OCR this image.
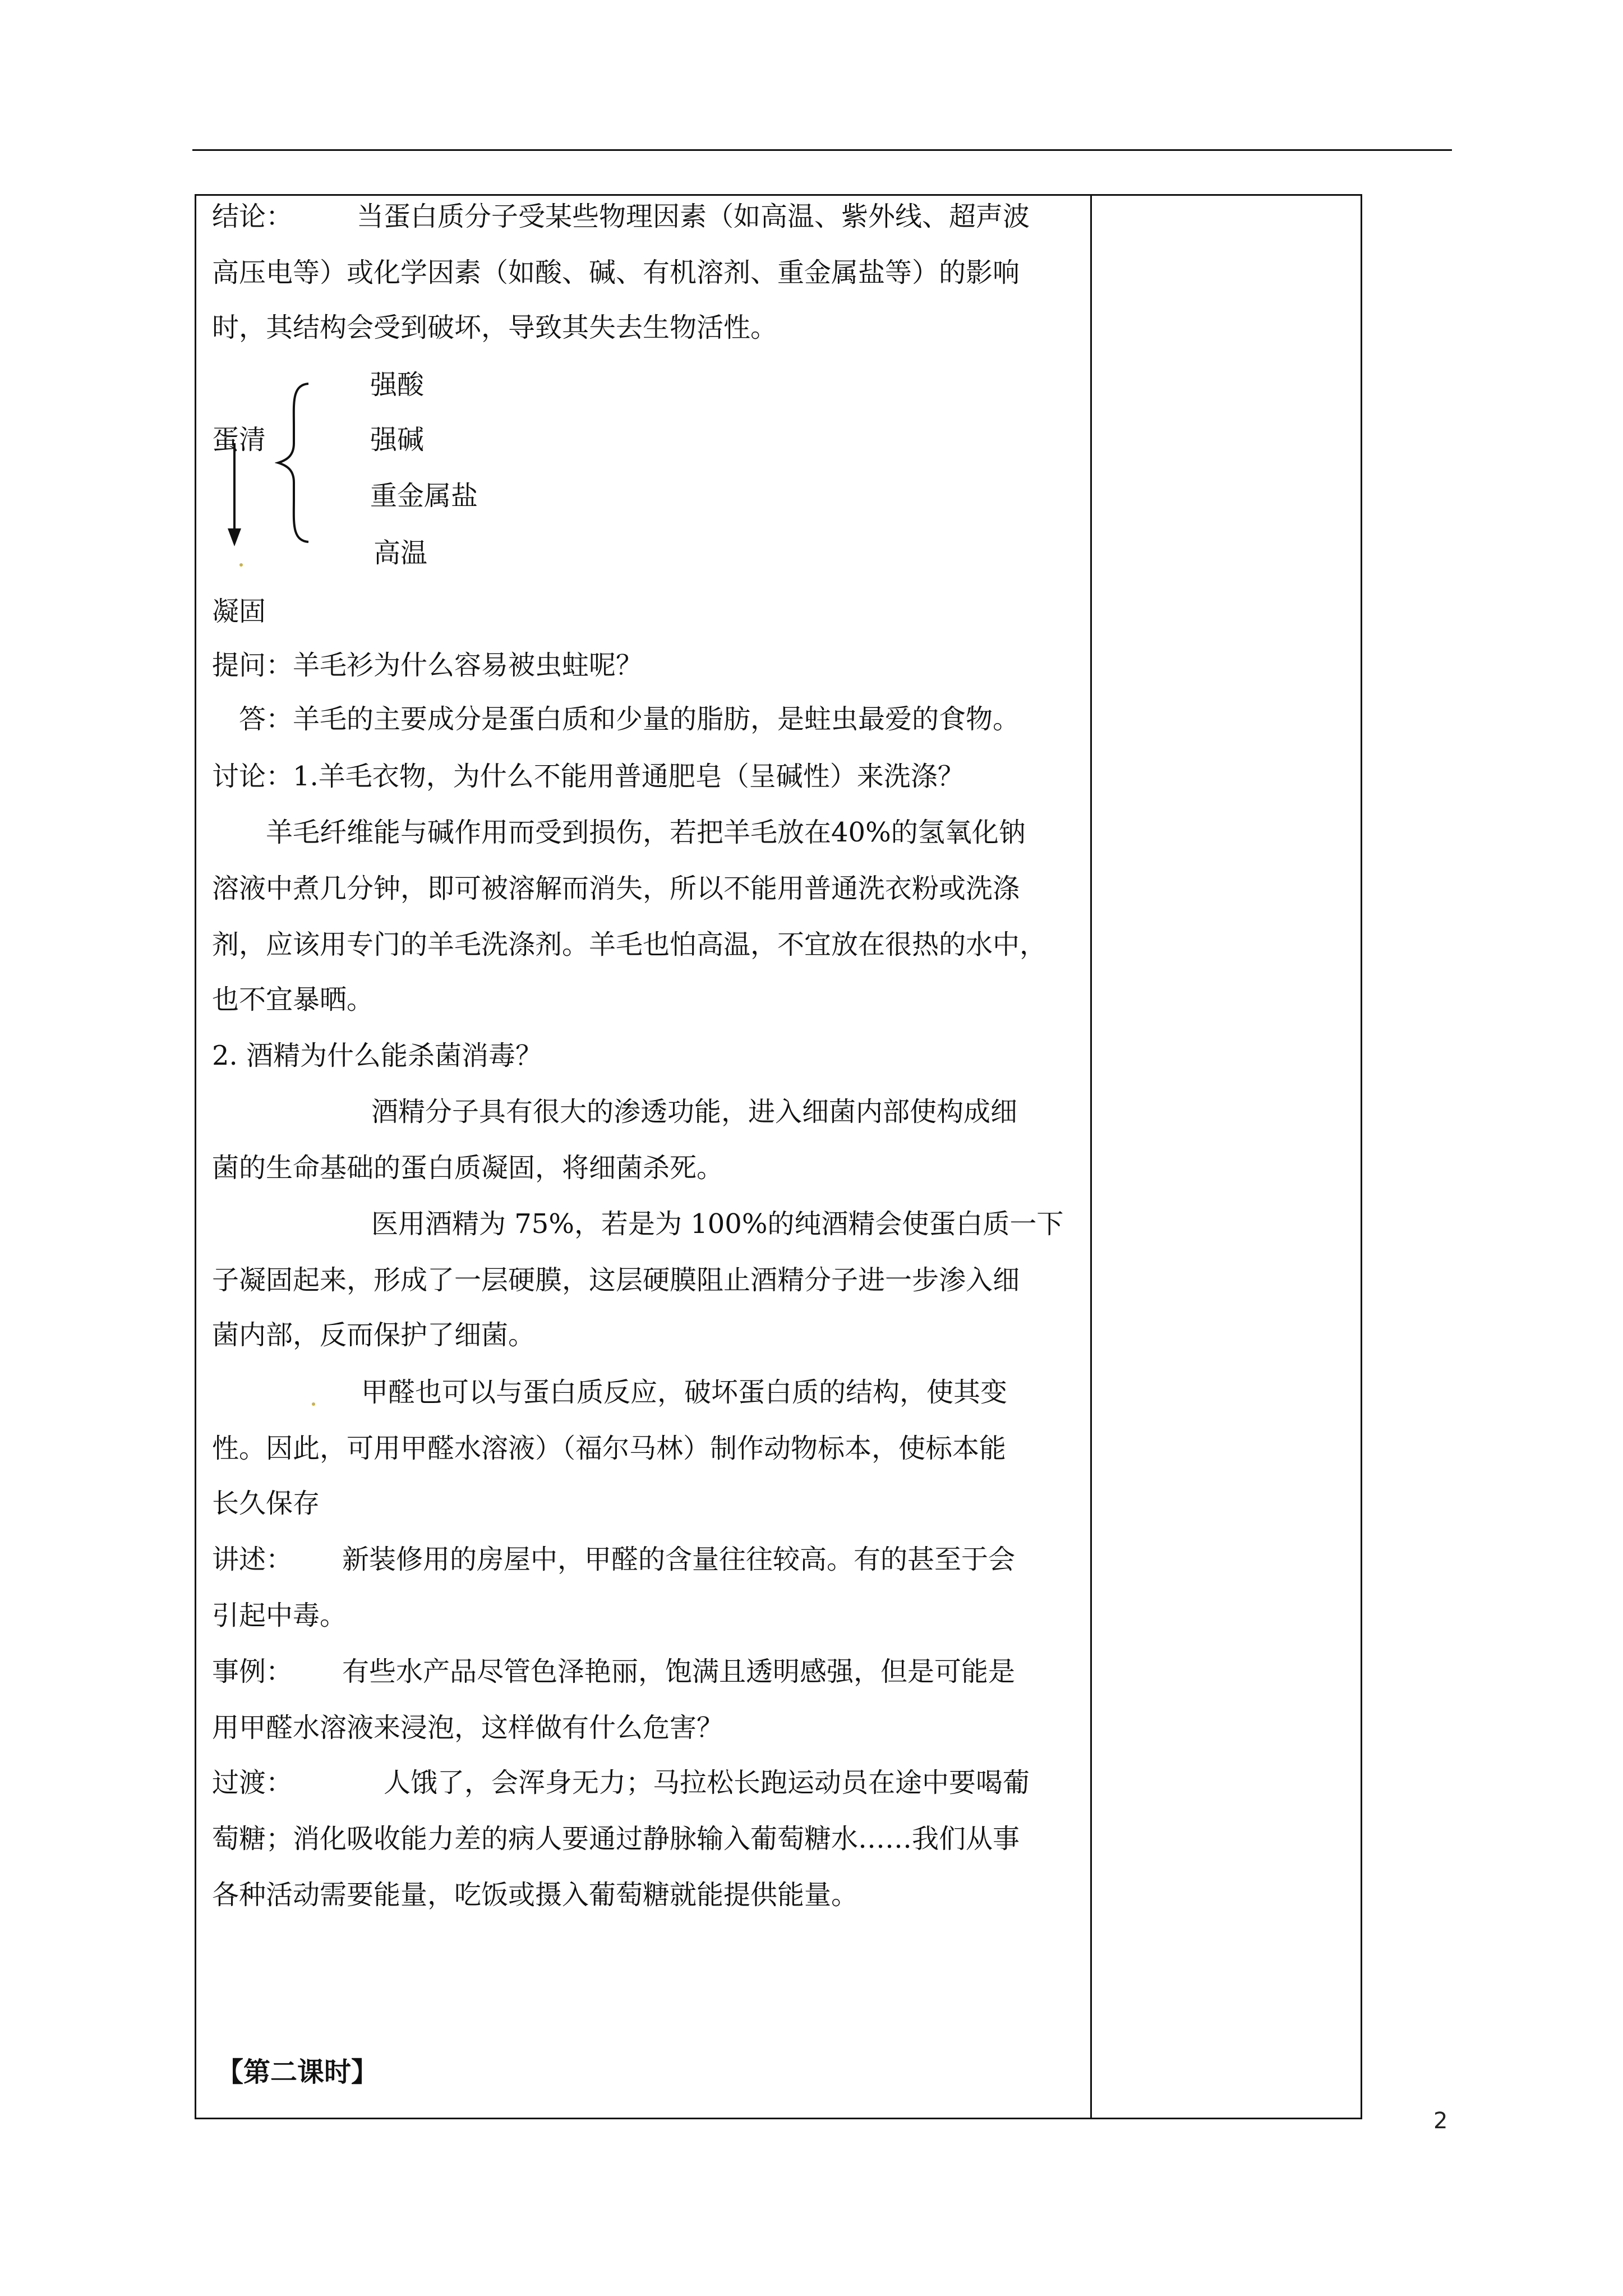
结论： 当蛋白质分子受某些物理因素（如高温、紫外线、超声波
高压电等）或化学因素（如酸、碱、有机溶剂、重金属盐等）的影响
时，其结构会受到破坏，导致其失去生物活性。
强酸
蛋清	强碱
重金属盐
高温
凝固
提问：羊毛衫为什么容易被虫蛀呢？
答：羊毛的主要成分是蛋白质和少量的脂肪，是蛀虫最爱的食物。
讨论：1.羊毛衣物，为什么不能用普通肥皂（呈碱性）来洗涤？
羊毛纤维能与碱作用而受到损伤，若把羊毛放在40%的氢氧化钠
溶液中煮几分钟，即可被溶解而消失，所以不能用普通洗衣粉或洗涤
剂，应该用专门的羊毛洗涤剂。羊毛也怕高温，不宜放在很热的水中，
也不宜暴晒。
2. 酒精为什么能杀菌消毒？
酒精分子具有很大的渗透功能，进入细菌内部使构成细
菌的生命基础的蛋白质凝固，将细菌杀死。
医用酒精为 75%，若是为 100%的纯酒精会使蛋白质一下
子凝固起来，形成了一层硬膜，这层硬膜阻止酒精分子进一步渗入细
菌内部，反而保护了细菌。
甲醛也可以与蛋白质反应，破坏蛋白质的结构，使其变
性。因此，可用甲醛水溶液）（福尔马林）制作动物标本，使标本能
长久保存
讲述： 新装修用的房屋中，甲醛的含量往往较高。有的甚至于会
引起中毒。
事例： 有些水产品尽管色泽艳丽，饱满且透明感强，但是可能是
用甲醛水溶液来浸泡，这样做有什么危害？
过渡：	人饿了，会浑身无力；马拉松长跑运动员在途中要喝葡
萄糖；消化吸收能力差的病人要通过静脉输入葡萄糖水……我们从事
各种活动需要能量，吃饭或摄入葡萄糖就能提供能量。
【第二课时】
2
